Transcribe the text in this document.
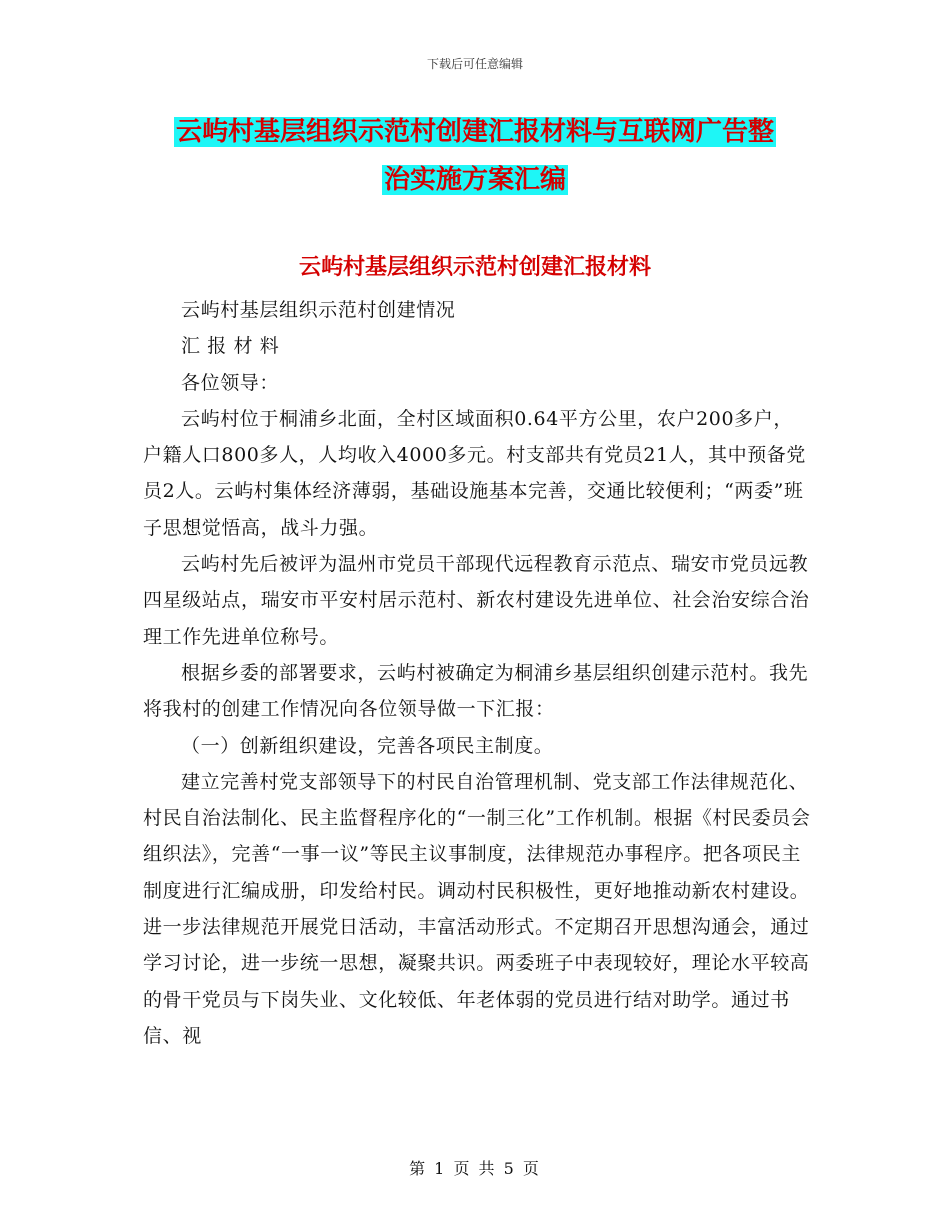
下载后可任意编辑
云屿村基层组织示范村创建汇报材料与互联网广告整
治实施方案汇编
云屿村基层组织示范村创建汇报材料

云屿村基层组织示范村创建情况

汇 报 材 料

各位领导：

云屿村位于桐浦乡北面，全村区域面积0.64平方公里，农户200多户，户籍人口800多人，人均收入4000多元。村支部共有党员21人，其中预备党员2人。云屿村集体经济薄弱，基础设施基本完善，交通比较便利；“两委”班子思想觉悟高，战斗力强。

云屿村先后被评为温州市党员干部现代远程教育示范点、瑞安市党员远教四星级站点，瑞安市平安村居示范村、新农村建设先进单位、社会治安综合治理工作先进单位称号。

根据乡委的部署要求，云屿村被确定为桐浦乡基层组织创建示范村。我先将我村的创建工作情况向各位领导做一下汇报：

（一）创新组织建设，完善各项民主制度。

建立完善村党支部领导下的村民自治管理机制、党支部工作法律规范化、村民自治法制化、民主监督程序化的“一制三化”工作机制。根据《村民委员会组织法》，完善“一事一议”等民主议事制度，法律规范办事程序。把各项民主制度进行汇编成册，印发给村民。调动村民积极性，更好地推动新农村建设。进一步法律规范开展党日活动，丰富活动形式。不定期召开思想沟通会，通过学习讨论，进一步统一思想，凝聚共识。两委班子中表现较好，理论水平较高的骨干党员与下岗失业、文化较低、年老体弱的党员进行结对助学。通过书信、视

第 1 页 共 5 页
